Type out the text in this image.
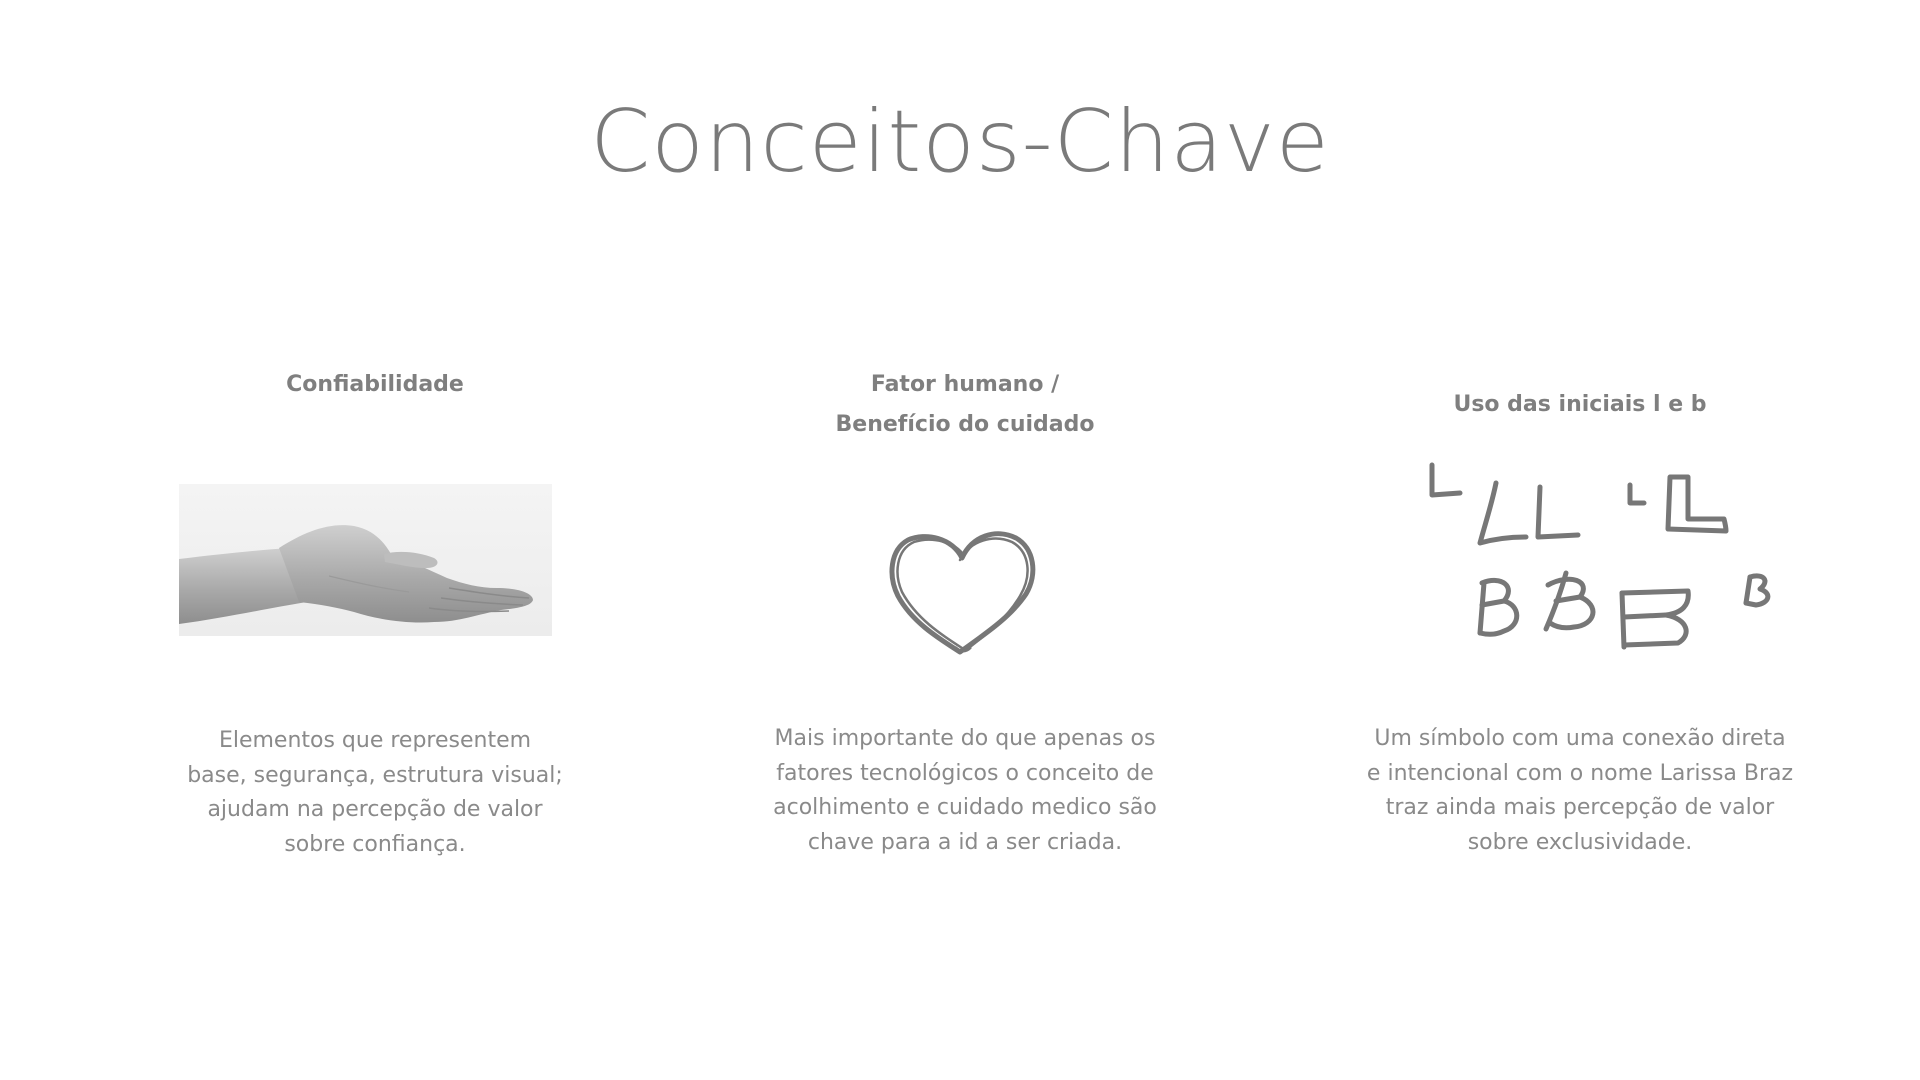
Conceitos-Chave
Confiabilidade
Elementos que representem
base, segurança, estrutura visual;
ajudam na percepção de valor
sobre confiança.
Fator humano /
Benefício do cuidado
Mais importante do que apenas os
fatores tecnológicos o conceito de
acolhimento e cuidado medico são
chave para a id a ser criada.
Uso das iniciais l e b
Um símbolo com uma conexão direta
e intencional com o nome Larissa Braz
traz ainda mais percepção de valor
sobre exclusividade.
